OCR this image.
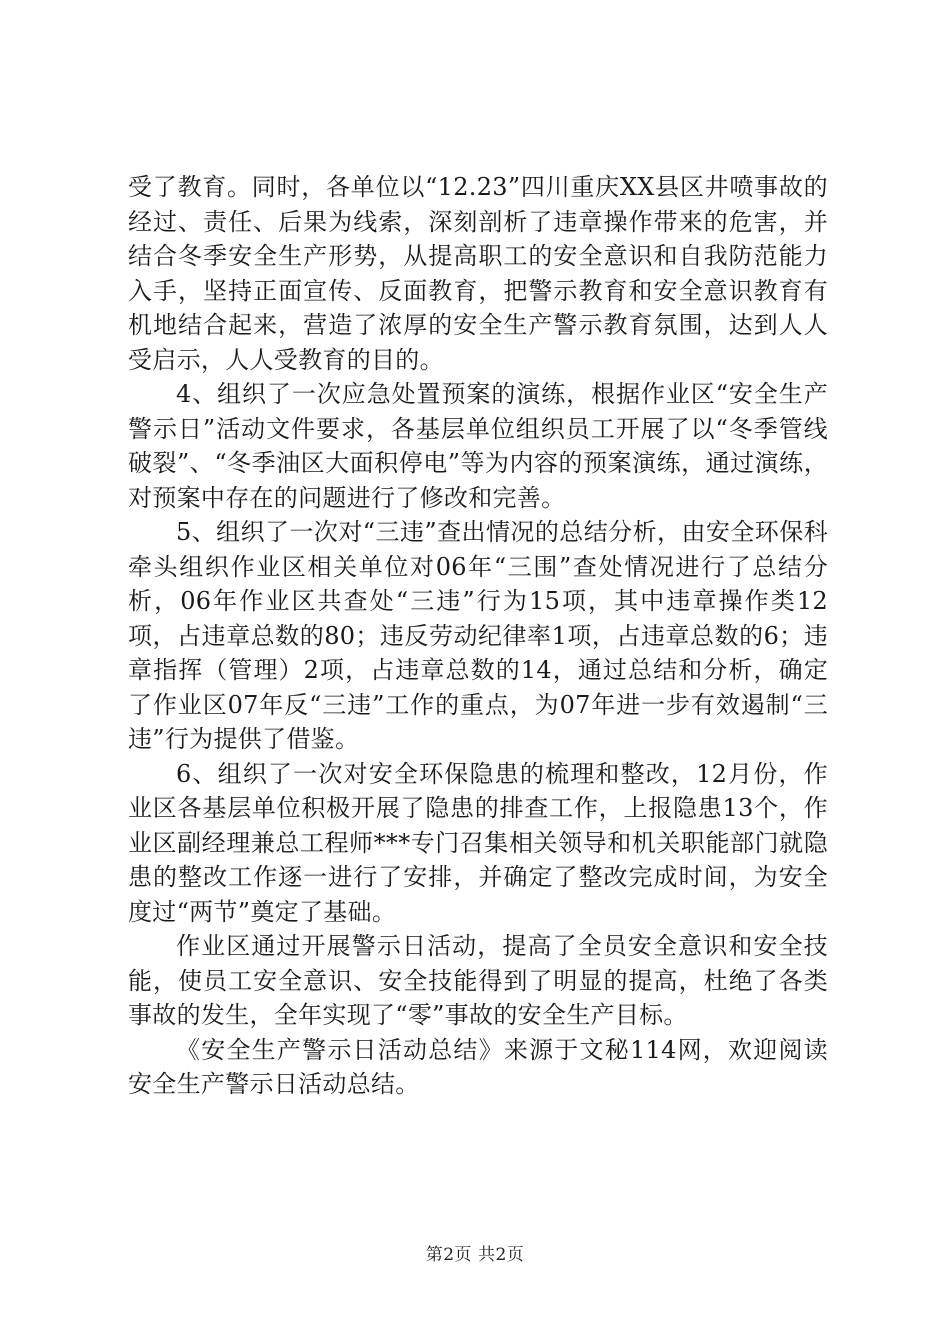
受了教育。同时，各单位以“12.23”四川重庆XX县区井喷事故的经过、责任、后果为线索，深刻剖析了违章操作带来的危害，并结合冬季安全生产形势，从提高职工的安全意识和自我防范能力入手，坚持正面宣传、反面教育，把警示教育和安全意识教育有机地结合起来，营造了浓厚的安全生产警示教育氛围，达到人人受启示，人人受教育的目的。

4、组织了一次应急处置预案的演练，根据作业区“安全生产警示日”活动文件要求，各基层单位组织员工开展了以“冬季管线破裂”、“冬季油区大面积停电”等为内容的预案演练，通过演练，对预案中存在的问题进行了修改和完善。

5、组织了一次对“三违”查出情况的总结分析，由安全环保科牵头组织作业区相关单位对06年“三围”查处情况进行了总结分析，06年作业区共查处“三违”行为15项，其中违章操作类12项，占违章总数的80；违反劳动纪律率1项，占违章总数的6；违章指挥（管理）2项，占违章总数的14，通过总结和分析，确定了作业区07年反“三违”工作的重点，为07年进一步有效遏制“三违”行为提供了借鉴。

6、组织了一次对安全环保隐患的梳理和整改，12月份，作业区各基层单位积极开展了隐患的排查工作，上报隐患13个，作业区副经理兼总工程师***专门召集相关领导和机关职能部门就隐患的整改工作逐一进行了安排，并确定了整改完成时间，为安全度过“两节”奠定了基础。

作业区通过开展警示日活动，提高了全员安全意识和安全技能，使员工安全意识、安全技能得到了明显的提高，杜绝了各类事故的发生，全年实现了“零”事故的安全生产目标。

《安全生产警示日活动总结》来源于文秘114网，欢迎阅读安全生产警示日活动总结。

第2页 共2页
